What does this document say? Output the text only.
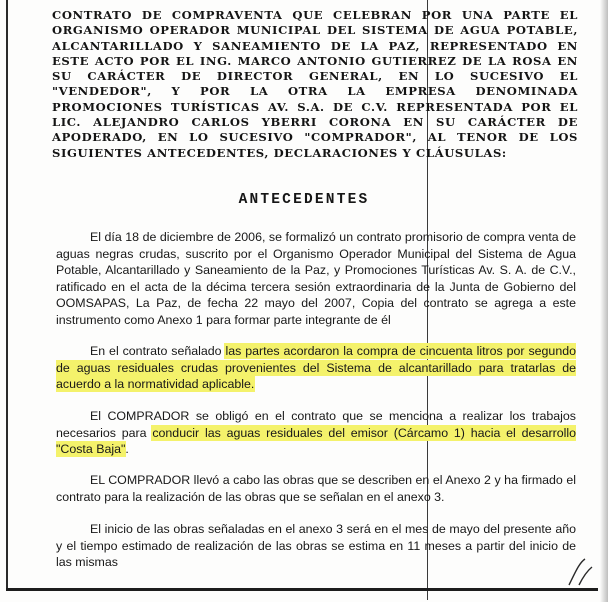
CONTRATO DE COMPRAVENTA QUE CELEBRAN POR UNA PARTE EL ORGANISMO OPERADOR MUNICIPAL DEL SISTEMA DE AGUA POTABLE, ALCANTARILLADO Y SANEAMIENTO DE LA PAZ, REPRESENTADO EN ESTE ACTO POR EL ING. MARCO ANTONIO GUTIERREZ DE LA ROSA EN SU CARÁCTER DE DIRECTOR GENERAL, EN LO SUCESIVO EL "VENDEDOR", Y POR LA OTRA LA EMPRESA DENOMINADA PROMOCIONES TURÍSTICAS AV. S.A. DE C.V. REPRESENTADA POR EL LIC. ALEJANDRO CARLOS YBERRI CORONA EN SU CARÁCTER DE APODERADO, EN LO SUCESIVO "COMPRADOR", AL TENOR DE LOS SIGUIENTES ANTECEDENTES, DECLARACIONES Y CLÁUSULAS:
ANTECEDENTES
El día 18 de diciembre de 2006, se formalizó un contrato promisorio de compra venta de aguas negras crudas, suscrito por el Organismo Operador Municipal del Sistema de Agua Potable, Alcantarillado y Saneamiento de la Paz, y Promociones Turísticas Av. S. A. de C.V., ratificado en el acta de la décima tercera sesión extraordinaria de la Junta de Gobierno del OOMSAPAS, La Paz, de fecha 22 mayo del 2007, Copia del contrato se agrega a este instrumento como Anexo 1 para formar parte integrante de él
En el contrato señalado las partes acordaron la compra de cincuenta litros por segundo de aguas residuales crudas provenientes del Sistema de alcantarillado para tratarlas de acuerdo a la normatividad aplicable.
El COMPRADOR se obligó en el contrato que se menciona a realizar los trabajos necesarios para conducir las aguas residuales del emisor (Cárcamo 1) hacia el desarrollo "Costa Baja".
EL COMPRADOR llevó a cabo las obras que se describen en el Anexo 2 y ha firmado el contrato para la realización de las obras que se señalan en el anexo 3.
El inicio de las obras señaladas en el anexo 3 será en el mes de mayo del presente año y el tiempo estimado de realización de las obras se estima en 11 meses a partir del inicio de las mismas
